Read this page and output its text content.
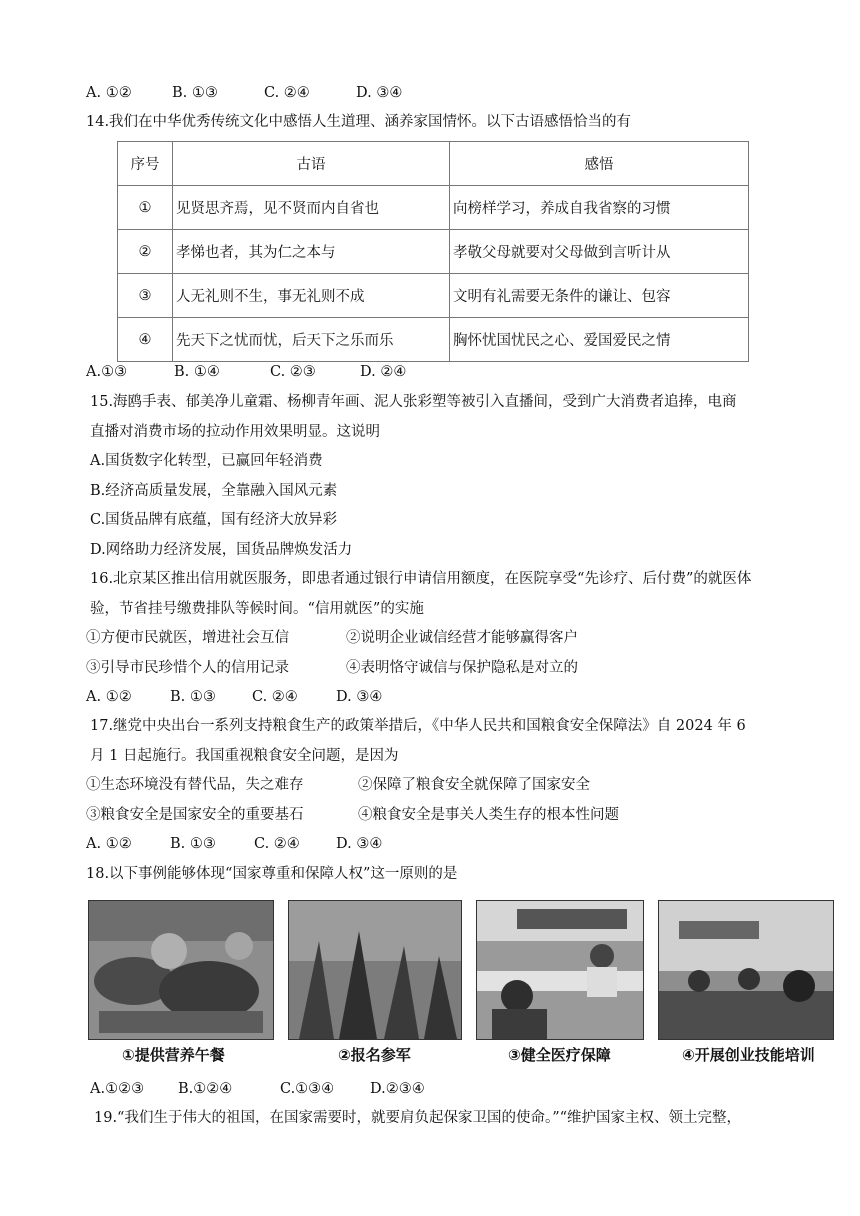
A. ①②	B. ①③	C. ②④	D. ③④
14.我们在中华优秀传统文化中感悟人生道理、涵养家国情怀。以下古语感悟恰当的有
序号	古语	感悟
①	见贤思齐焉，见不贤而内自省也	向榜样学习，养成自我省察的习惯
②	孝悌也者，其为仁之本与	孝敬父母就要对父母做到言听计从
③	人无礼则不生，事无礼则不成	文明有礼需要无条件的谦让、包容
④	先天下之忧而忧，后天下之乐而乐	胸怀忧国忧民之心、爱国爱民之情
A.①③	B. ①④	C. ②③	D. ②④
15.海鸥手表、郁美净儿童霜、杨柳青年画、泥人张彩塑等被引入直播间，受到广大消费者追捧，电商
直播对消费市场的拉动作用效果明显。这说明
A.国货数字化转型，已赢回年轻消费
B.经济高质量发展，全靠融入国风元素
C.国货品牌有底蕴，国有经济大放异彩
D.网络助力经济发展，国货品牌焕发活力
16.北京某区推出信用就医服务，即患者通过银行申请信用额度，在医院享受“先诊疗、后付费”的就医体
验，节省挂号缴费排队等候时间。“信用就医”的实施
①方便市民就医，增进社会互信	②说明企业诚信经营才能够赢得客户
③引导市民珍惜个人的信用记录	④表明恪守诚信与保护隐私是对立的
A. ①②	B. ①③ C. ②④	D. ③④
17.继党中央出台一系列支持粮食生产的政策举措后，《中华人民共和国粮食安全保障法》自 2024 年 6
月 1 日起施行。我国重视粮食安全问题，是因为
①生态环境没有替代品，失之难存	②保障了粮食安全就保障了国家安全
③粮食安全是国家安全的重要基石	④粮食安全是事关人类生存的根本性问题
A. ①②	B. ①③	C. ②④ D. ③④
18.以下事例能够体现“国家尊重和保障人权”这一原则的是
①提供营养午餐	②报名参军	③健全医疗保障	④开展创业技能培训
A.①②③ B.①②④	C.①③④ D.②③④
19.“我们生于伟大的祖国，在国家需要时，就要肩负起保家卫国的使命。”“维护国家主权、领土完整，
